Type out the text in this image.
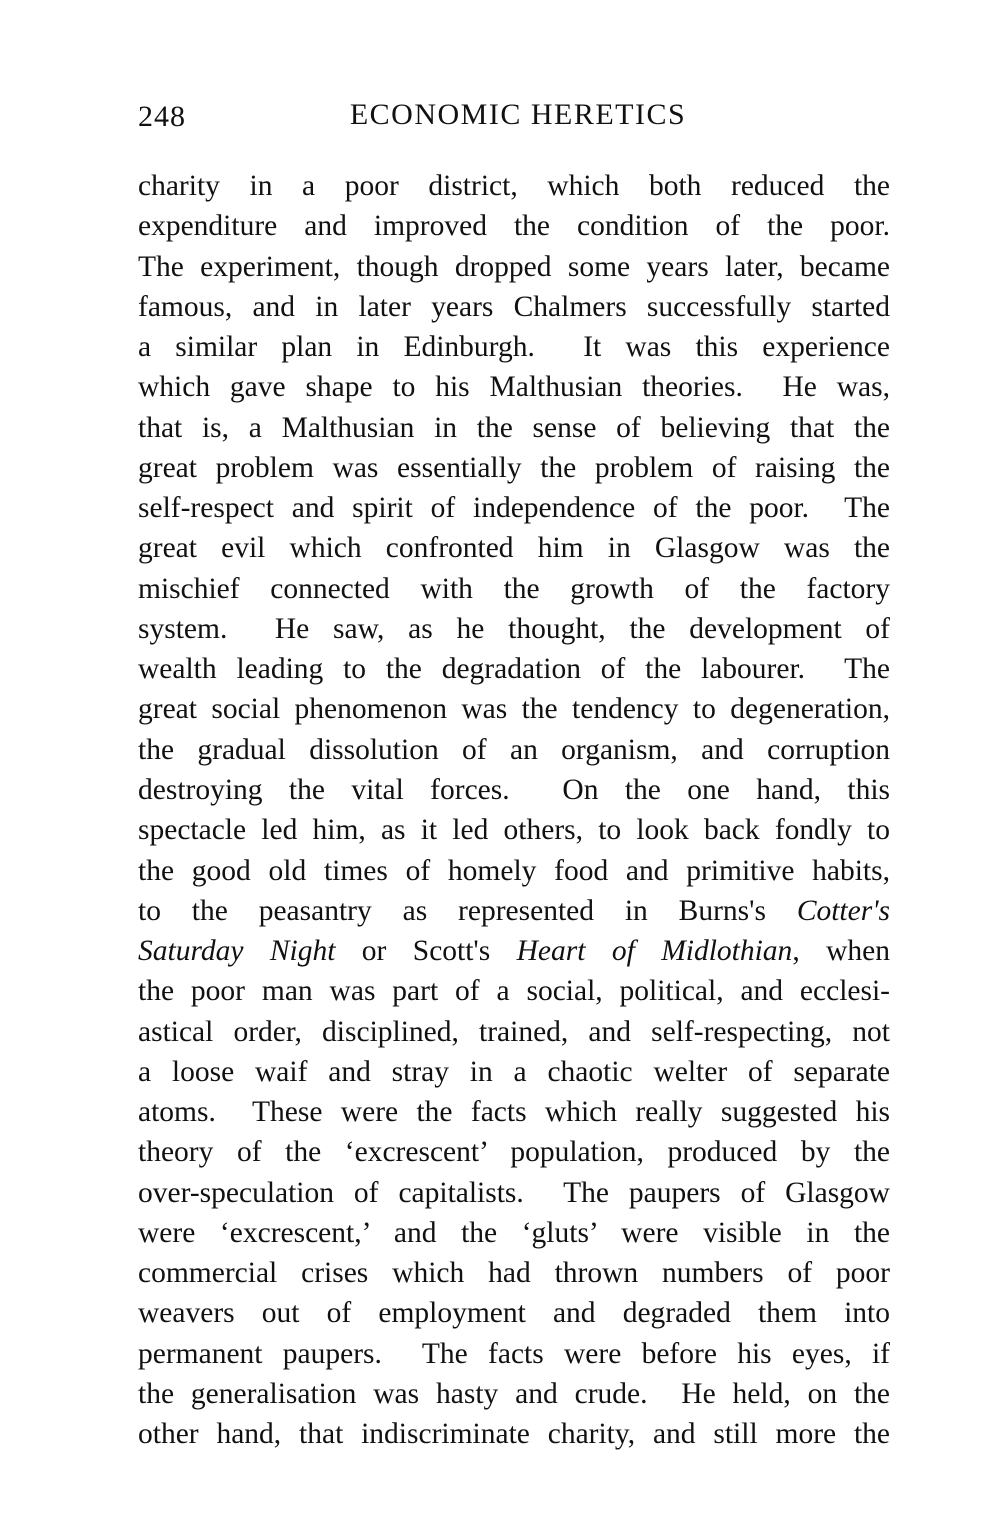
248	ECONOMIC HERETICS
charity in a poor district, which both reduced the
expenditure and improved the condition of the poor.
The experiment, though dropped some years later, became
famous, and in later years Chalmers successfully started
a similar plan in Edinburgh.  It was this experience
which gave shape to his Malthusian theories.  He was,
that is, a Malthusian in the sense of believing that the
great problem was essentially the problem of raising the
self-respect and spirit of independence of the poor.  The
great evil which confronted him in Glasgow was the
mischief connected with the growth of the factory
system.  He saw, as he thought, the development of
wealth leading to the degradation of the labourer.  The
great social phenomenon was the tendency to degeneration,
the gradual dissolution of an organism, and corruption
destroying the vital forces.  On the one hand, this
spectacle led him, as it led others, to look back fondly to
the good old times of homely food and primitive habits,
to the peasantry as represented in Burns's Cotter's
Saturday Night or Scott's Heart of Midlothian, when
the poor man was part of a social, political, and ecclesi-
astical order, disciplined, trained, and self-respecting, not
a loose waif and stray in a chaotic welter of separate
atoms.  These were the facts which really suggested his
theory of the ‘excrescent’ population, produced by the
over-speculation of capitalists.  The paupers of Glasgow
were ‘excrescent,’ and the ‘gluts’ were visible in the
commercial crises which had thrown numbers of poor
weavers out of employment and degraded them into
permanent paupers.  The facts were before his eyes, if
the generalisation was hasty and crude.  He held, on the
other hand, that indiscriminate charity, and still more the
